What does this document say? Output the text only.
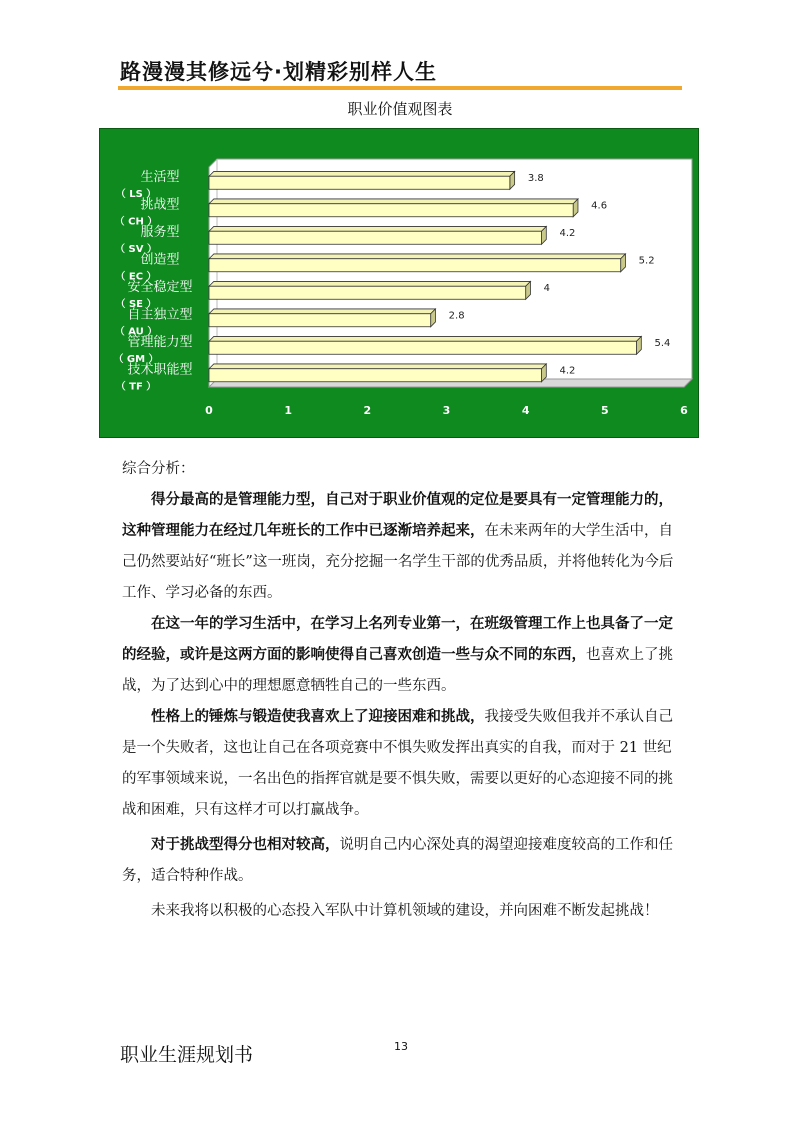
路漫漫其修远兮·划精彩别样人生
职业价值观图表
0	1	2	3	4	5	6
3.8
生活型
（ LS ）
4.6
挑战型
（ CH ）
4.2
服务型
（ SV ）
5.2
创造型
（ EC ）
4
安全稳定型
（ SE ）
2.8
自主独立型
（ AU ）
5.4
管理能力型
（ GM ）
4.2
技术职能型
（ TF ）

综合分析：

得分最高的是管理能力型，自己对于职业价值观的定位是要具有一定管理能力的，这种管理能力在经过几年班长的工作中已逐渐培养起来，在未来两年的大学生活中，自己仍然要站好“班长”这一班岗，充分挖掘一名学生干部的优秀品质，并将他转化为今后工作、学习必备的东西。

在这一年的学习生活中，在学习上名列专业第一，在班级管理工作上也具备了一定的经验，或许是这两方面的影响使得自己喜欢创造一些与众不同的东西，也喜欢上了挑战，为了达到心中的理想愿意牺牲自己的一些东西。

性格上的锤炼与锻造使我喜欢上了迎接困难和挑战，我接受失败但我并不承认自己是一个失败者，这也让自己在各项竞赛中不惧失败发挥出真实的自我，而对于 21 世纪的军事领域来说，一名出色的指挥官就是要不惧失败，需要以更好的心态迎接不同的挑战和困难，只有这样才可以打赢战争。

对于挑战型得分也相对较高，说明自己内心深处真的渴望迎接难度较高的工作和任务，适合特种作战。

未来我将以积极的心态投入军队中计算机领域的建设，并向困难不断发起挑战！

职业生涯规划书	13
